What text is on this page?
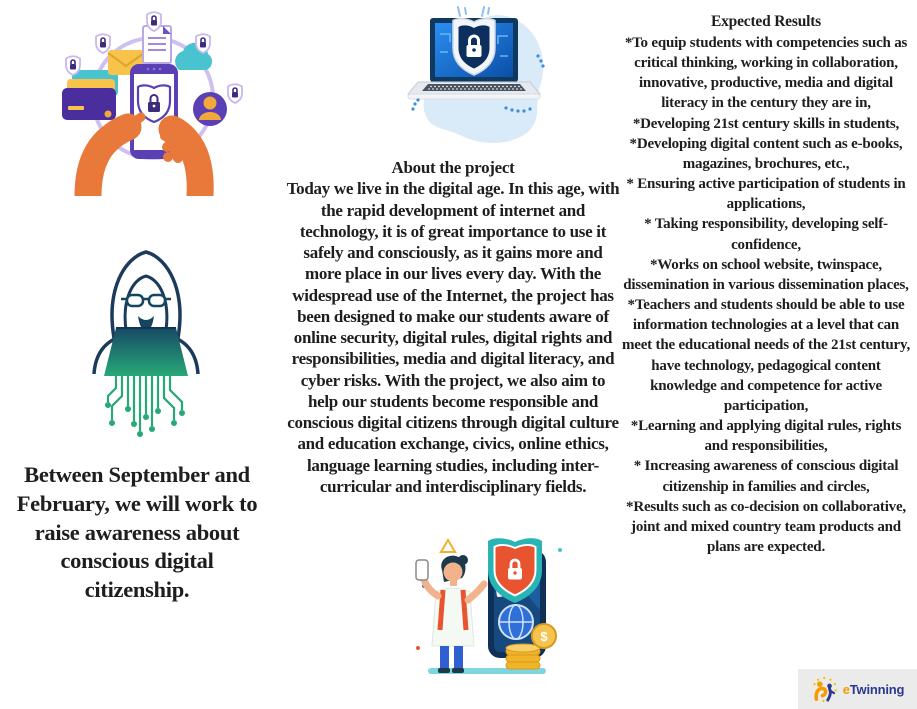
Between September and February, we will work to raise awareness about conscious digital citizenship.
About the project
Today we live in the digital age. In this age, with the rapid development of internet and technology, it is of great importance to use it safely and consciously, as it gains more and more place in our lives every day. With the widespread use of the Internet, the project has been designed to make our students aware of online security, digital rules, digital rights and responsibilities, media and digital literacy, and cyber risks. With the project, we also aim to help our students become responsible and conscious digital citizens through digital culture and education exchange, civics, online ethics, language learning studies, including inter-curricular and interdisciplinary fields.
$
Expected Results
*To equip students with competencies such as critical thinking, working in collaboration, innovative, productive, media and digital literacy in the century they are in,
*Developing 21st century skills in students,
*Developing digital content such as e-books, magazines, brochures, etc.,
* Ensuring active participation of students in applications,
* Taking responsibility, developing self-confidence,
*Works on school website, twinspace, dissemination in various dissemination places,
*Teachers and students should be able to use information technologies at a level that can meet the educational needs of the 21st century, have technology, pedagogical content knowledge and competence for active participation,
*Learning and applying digital rules, rights and responsibilities,
* Increasing awareness of conscious digital citizenship in families and circles,
*Results such as co-decision on collaborative, joint and mixed country team products and plans are expected.
eTwinning
